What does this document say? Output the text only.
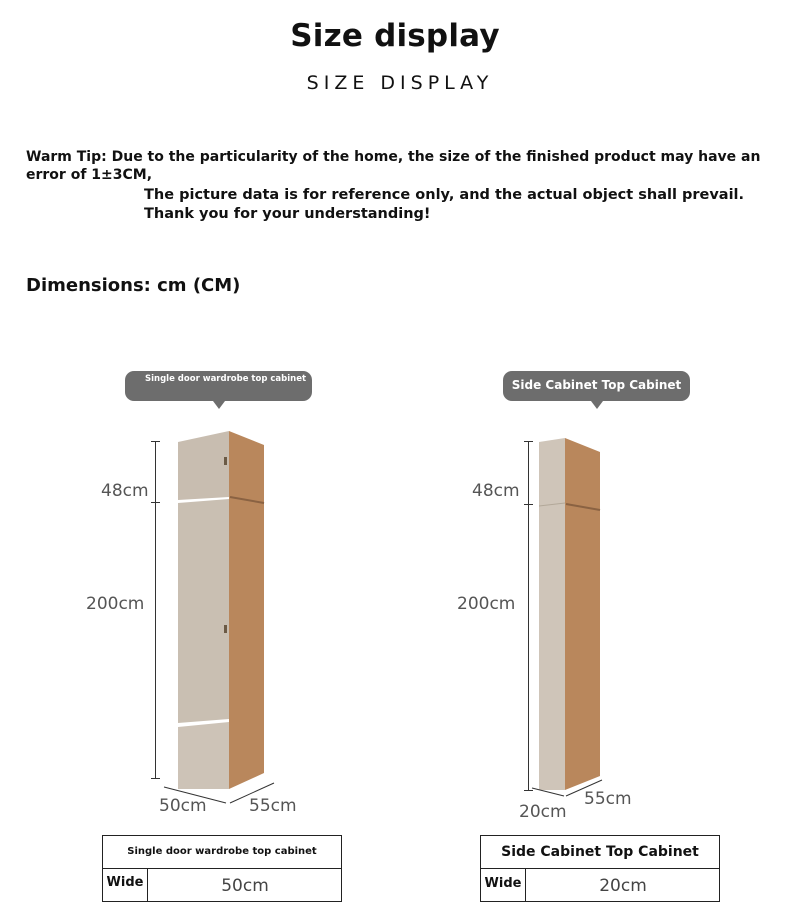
Size display
SIZE DISPLAY
Warm Tip: Due to the particularity of the home, the size of the finished product may have an error of 1±3CM,
The picture data is for reference only, and the actual object shall prevail.
Thank you for your understanding!
Dimensions: cm (CM)
Single door wardrobe top cabinet
48cm
200cm
50cm 55cm
Side Cabinet Top Cabinet
48cm
200cm
20cm
55cm
Single door wardrobe top cabinet
Wide	50cm
Side Cabinet Top Cabinet
Wide	20cm
